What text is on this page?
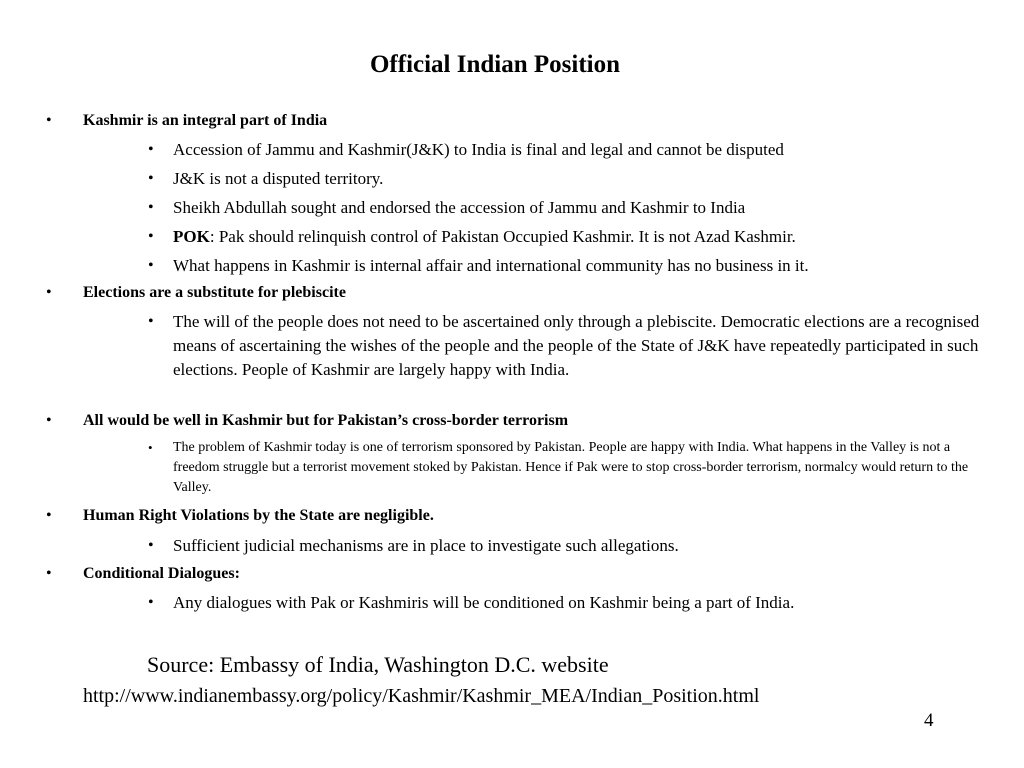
Official Indian Position
• Kashmir is an integral part of India
• Accession of Jammu and Kashmir(J&K) to India is final and legal and cannot be disputed
• J&K is not a disputed territory.
• Sheikh Abdullah sought and endorsed the accession of Jammu and Kashmir to India
• POK: Pak should relinquish control of Pakistan Occupied Kashmir. It is not Azad Kashmir.
• What happens in Kashmir is internal affair and international community has no business in it.
• Elections are a substitute for plebiscite
• The will of the people does not need to be ascertained only through a plebiscite. Democratic elections are a recognised means of ascertaining the wishes of the people and the people of the State of J&K have repeatedly participated in such elections. People of Kashmir are largely happy with India.
• All would be well in Kashmir but for Pakistan’s cross-border terrorism
• The problem of Kashmir today is one of terrorism sponsored by Pakistan. People are happy with India. What happens in the Valley is not a freedom struggle but a terrorist movement stoked by Pakistan. Hence if Pak were to stop cross-border terrorism, normalcy would return to the Valley.
• Human Right Violations by the State are negligible.
• Sufficient judicial mechanisms are in place to investigate such allegations.
• Conditional Dialogues:
• Any dialogues with Pak or Kashmiris will be conditioned on Kashmir being a part of India.
Source: Embassy of India, Washington D.C. website
http://www.indianembassy.org/policy/Kashmir/Kashmir_MEA/Indian_Position.html
4
